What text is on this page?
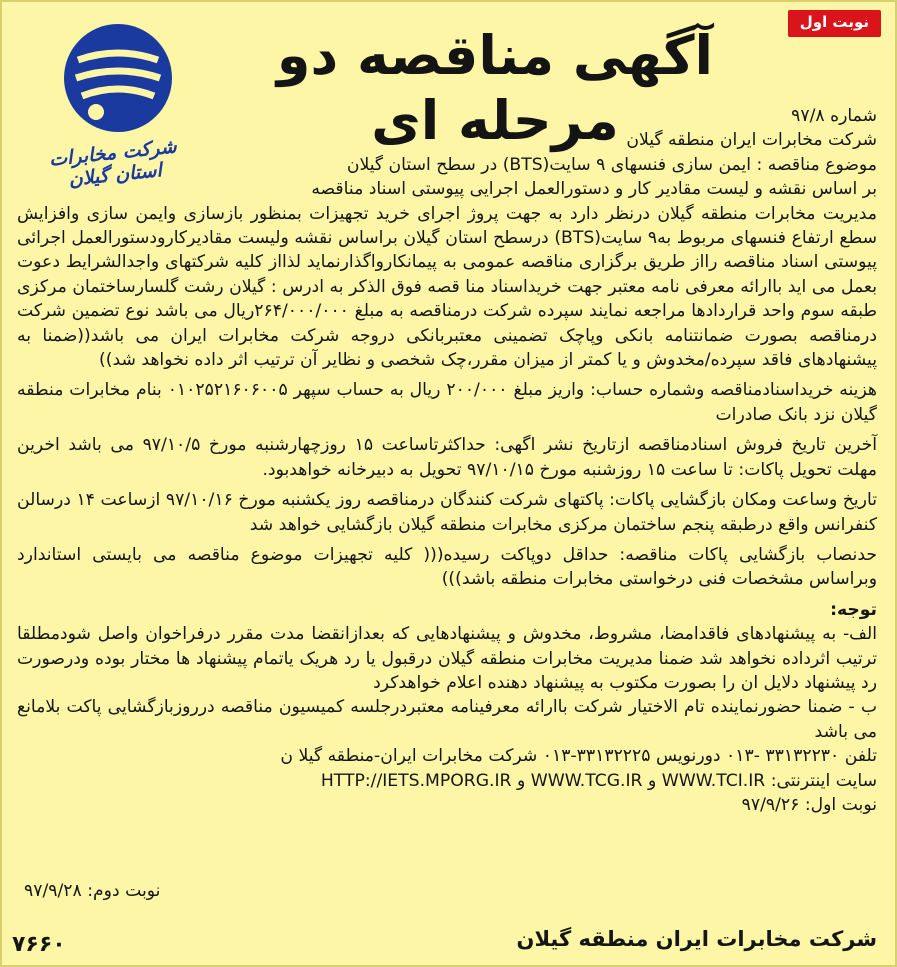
نوبت اول
آگهی مناقصه دو مرحله ای
شرکت مخابرات استان گیلان

شماره ۹۷/۸

شرکت مخابرات ایران منطقه گیلان

موضوع مناقصه : ایمن سازی فنسهای ۹ سایت(BTS) در سطح استان گیلان

بر اساس نقشه و لیست مقادیر کار و دستورالعمل اجرایی پیوستی اسناد مناقصه

مدیریت مخابرات منطقه گیلان درنظر دارد به جهت پروژ اجرای خرید تجهیزات بمنظور بازسازی وایمن سازی وافزایش سطع ارتفاع فنسهای مربوط به۹ سایت(BTS) درسطح استان گیلان براساس نقشه ولیست مقادیرکارودستورالعمل اجرائی پیوستی اسناد مناقصه رااز طریق برگزاری مناقصه عمومی به پیمانکارواگذارنماید لذااز کلیه شرکتهای واجدالشرایط دعوت بعمل می اید باارائه معرفی نامه معتبر جهت خریداسناد منا قصه فوق الذکر به ادرس : گیلان رشت گلسارساختمان مرکزی طبقه سوم واحد قراردادها مراجعه نمایند سپرده شرکت درمناقصه به مبلغ ۲۶۴/۰۰۰/۰۰۰ریال می باشد نوع تضمین شرکت درمناقصه بصورت ضمانتنامه بانکی وپاچک تضمینی معتبربانکی دروجه شرکت مخابرات ایران می باشد((ضمنا به پیشنهادهای فاقد سپرده/مخدوش و یا کمتر از میزان مقرر،چک شخصی و نظایر آن ترتیب اثر داده نخواهد شد))

هزینه خریداسنادمناقصه وشماره حساب: واریز مبلغ ۲۰۰/۰۰۰ ریال به حساب سپهر ۰۱۰۲۵۲۱۶۰۶۰۰۵ بنام مخابرات منطقه گیلان نزد بانک صادرات

آخرین تاریخ فروش اسنادمناقصه ازتاریخ نشر اگهی: حداکثرتاساعت ۱۵ روزچهارشنبه مورخ ۹۷/۱۰/۵ می باشد اخرین مهلت تحویل پاکات: تا ساعت ۱۵ روزشنبه مورخ ۹۷/۱۰/۱۵ تحویل به دبیرخانه خواهدبود.

تاریخ وساعت ومکان بازگشایی پاکات: پاکتهای شرکت کنندگان درمناقصه روز یکشنبه مورخ ۹۷/۱۰/۱۶ ازساعت ۱۴ درسالن کنفرانس واقع درطبقه پنجم ساختمان مرکزی مخابرات منطقه گیلان بازگشایی خواهد شد

حدنصاب بازگشایی پاکات مناقصه: حداقل دوپاکت رسیده((( کلیه تجهیزات موضوع مناقصه می بایستی استاندارد وبراساس مشخصات فنی درخواستی مخابرات منطقه باشد)))

توجه:

الف- به پیشنهادهای فاقدامضا، مشروط، مخدوش و پیشنهادهایی که بعدازانقضا مدت مقرر درفراخوان واصل شودمطلقا ترتیب اثرداده نخواهد شد ضمنا مدیریت مخابرات منطقه گیلان درقبول یا رد هریک یاتمام پیشنهاد ها مختار بوده ودرصورت رد پیشنهاد دلایل ان را بصورت مکتوب به پیشنهاد دهنده اعلام خواهدکرد

ب - ضمنا حضورنماینده تام الاختیار شرکت باارائه معرفینامه معتبردرجلسه کمیسیون مناقصه درروزبازگشایی پاکت بلامانع می باشد

تلفن ۳۳۱۳۲۲۳۰ -۰۱۳ دورنویس ۳۳۱۳۲۲۲۵-۰۱۳ شرکت مخابرات ایران-منطقه گیلا ن

سایت اینترنتی: HTTP://IETS.MPORG.IR و WWW.TCG.IR و WWW.TCI.IR

نوبت اول: ۹۷/۹/۲۶

نوبت دوم: ۹۷/۹/۲۸
شرکت مخابرات ایران منطقه گیلان
۷۶۶۰
